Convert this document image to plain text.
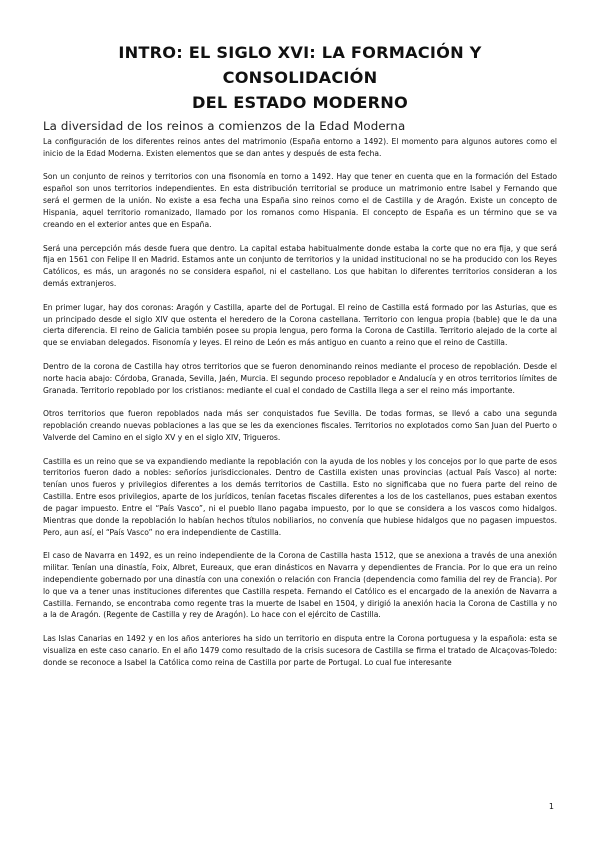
INTRO: EL SIGLO XVI: LA FORMACIÓN Y CONSOLIDACIÓN
DEL ESTADO MODERNO
La diversidad de los reinos a comienzos de la Edad Moderna

La configuración de los diferentes reinos antes del matrimonio (España entorno a 1492). El momento para algunos autores como el inicio de la Edad Moderna. Existen elementos que se dan antes y después de esta fecha.

Son un conjunto de reinos y territorios con una fisonomía en torno a 1492. Hay que tener en cuenta que en la formación del Estado español son unos territorios independientes. En esta distribución territorial se produce un matrimonio entre Isabel y Fernando que será el germen de la unión. No existe a esa fecha una España sino reinos como el de Castilla y de Aragón. Existe un concepto de Hispania, aquel territorio romanizado, llamado por los romanos como Hispania. El concepto de España es un término que se va creando en el exterior antes que en España.

Será una percepción más desde fuera que dentro. La capital estaba habitualmente donde estaba la corte que no era fija, y que será fija en 1561 con Felipe II en Madrid. Estamos ante un conjunto de territorios y la unidad institucional no se ha producido con los Reyes Católicos, es más, un aragonés no se considera español, ni el castellano. Los que habitan lo diferentes territorios consideran a los demás extranjeros.

En primer lugar, hay dos coronas: Aragón y Castilla, aparte del de Portugal. El reino de Castilla está formado por las Asturias, que es un principado desde el siglo XIV que ostenta el heredero de la Corona castellana. Territorio con lengua propia (bable) que le da una cierta diferencia. El reino de Galicia también posee su propia lengua, pero forma la Corona de Castilla. Territorio alejado de la corte al que se enviaban delegados. Fisonomía y leyes. El reino de León es más antiguo en cuanto a reino que el reino de Castilla.

Dentro de la corona de Castilla hay otros territorios que se fueron denominando reinos mediante el proceso de repoblación. Desde el norte hacia abajo: Córdoba, Granada, Sevilla, Jaén, Murcia. El segundo proceso repoblador e Andalucía y en otros territorios límites de Granada. Territorio repoblado por los cristianos: mediante el cual el condado de Castilla llega a ser el reino más importante.

Otros territorios que fueron repoblados nada más ser conquistados fue Sevilla. De todas formas, se llevó a cabo una segunda repoblación creando nuevas poblaciones a las que se les da exenciones fiscales. Territorios no explotados como San Juan del Puerto o Valverde del Camino en el siglo XV y en el siglo XIV, Trigueros.

Castilla es un reino que se va expandiendo mediante la repoblación con la ayuda de los nobles y los concejos por lo que parte de esos territorios fueron dado a nobles: señoríos jurisdiccionales. Dentro de Castilla existen unas provincias (actual País Vasco) al norte: tenían unos fueros y privilegios diferentes a los demás territorios de Castilla. Esto no significaba que no fuera parte del reino de Castilla. Entre esos privilegios, aparte de los jurídicos, tenían facetas fiscales diferentes a los de los castellanos, pues estaban exentos de pagar impuesto. Entre el “País Vasco”, ni el pueblo llano pagaba impuesto, por lo que se considera a los vascos como hidalgos. Mientras que donde la repoblación lo habían hechos títulos nobiliarios, no convenía que hubiese hidalgos que no pagasen impuestos. Pero, aun así, el “País Vasco” no era independiente de Castilla.

El caso de Navarra en 1492, es un reino independiente de la Corona de Castilla hasta 1512, que se anexiona a través de una anexión militar. Tenían una dinastía, Foix, Albret, Eureaux, que eran dinásticos en Navarra y dependientes de Francia. Por lo que era un reino independiente gobernado por una dinastía con una conexión o relación con Francia (dependencia como familia del rey de Francia). Por lo que va a tener unas instituciones diferentes que Castilla respeta. Fernando el Católico es el encargado de la anexión de Navarra a Castilla. Fernando, se encontraba como regente tras la muerte de Isabel en 1504, y dirigió la anexión hacia la Corona de Castilla y no a la de Aragón. (Regente de Castilla y rey de Aragón). Lo hace con el ejército de Castilla.

Las Islas Canarias en 1492 y en los años anteriores ha sido un territorio en disputa entre la Corona portuguesa y la española: esta se visualiza en este caso canario. En el año 1479 como resultado de la crisis sucesora de Castilla se firma el tratado de Alcaçovas-Toledo: donde se reconoce a Isabel la Católica como reina de Castilla por parte de Portugal. Lo cual fue interesante

1
